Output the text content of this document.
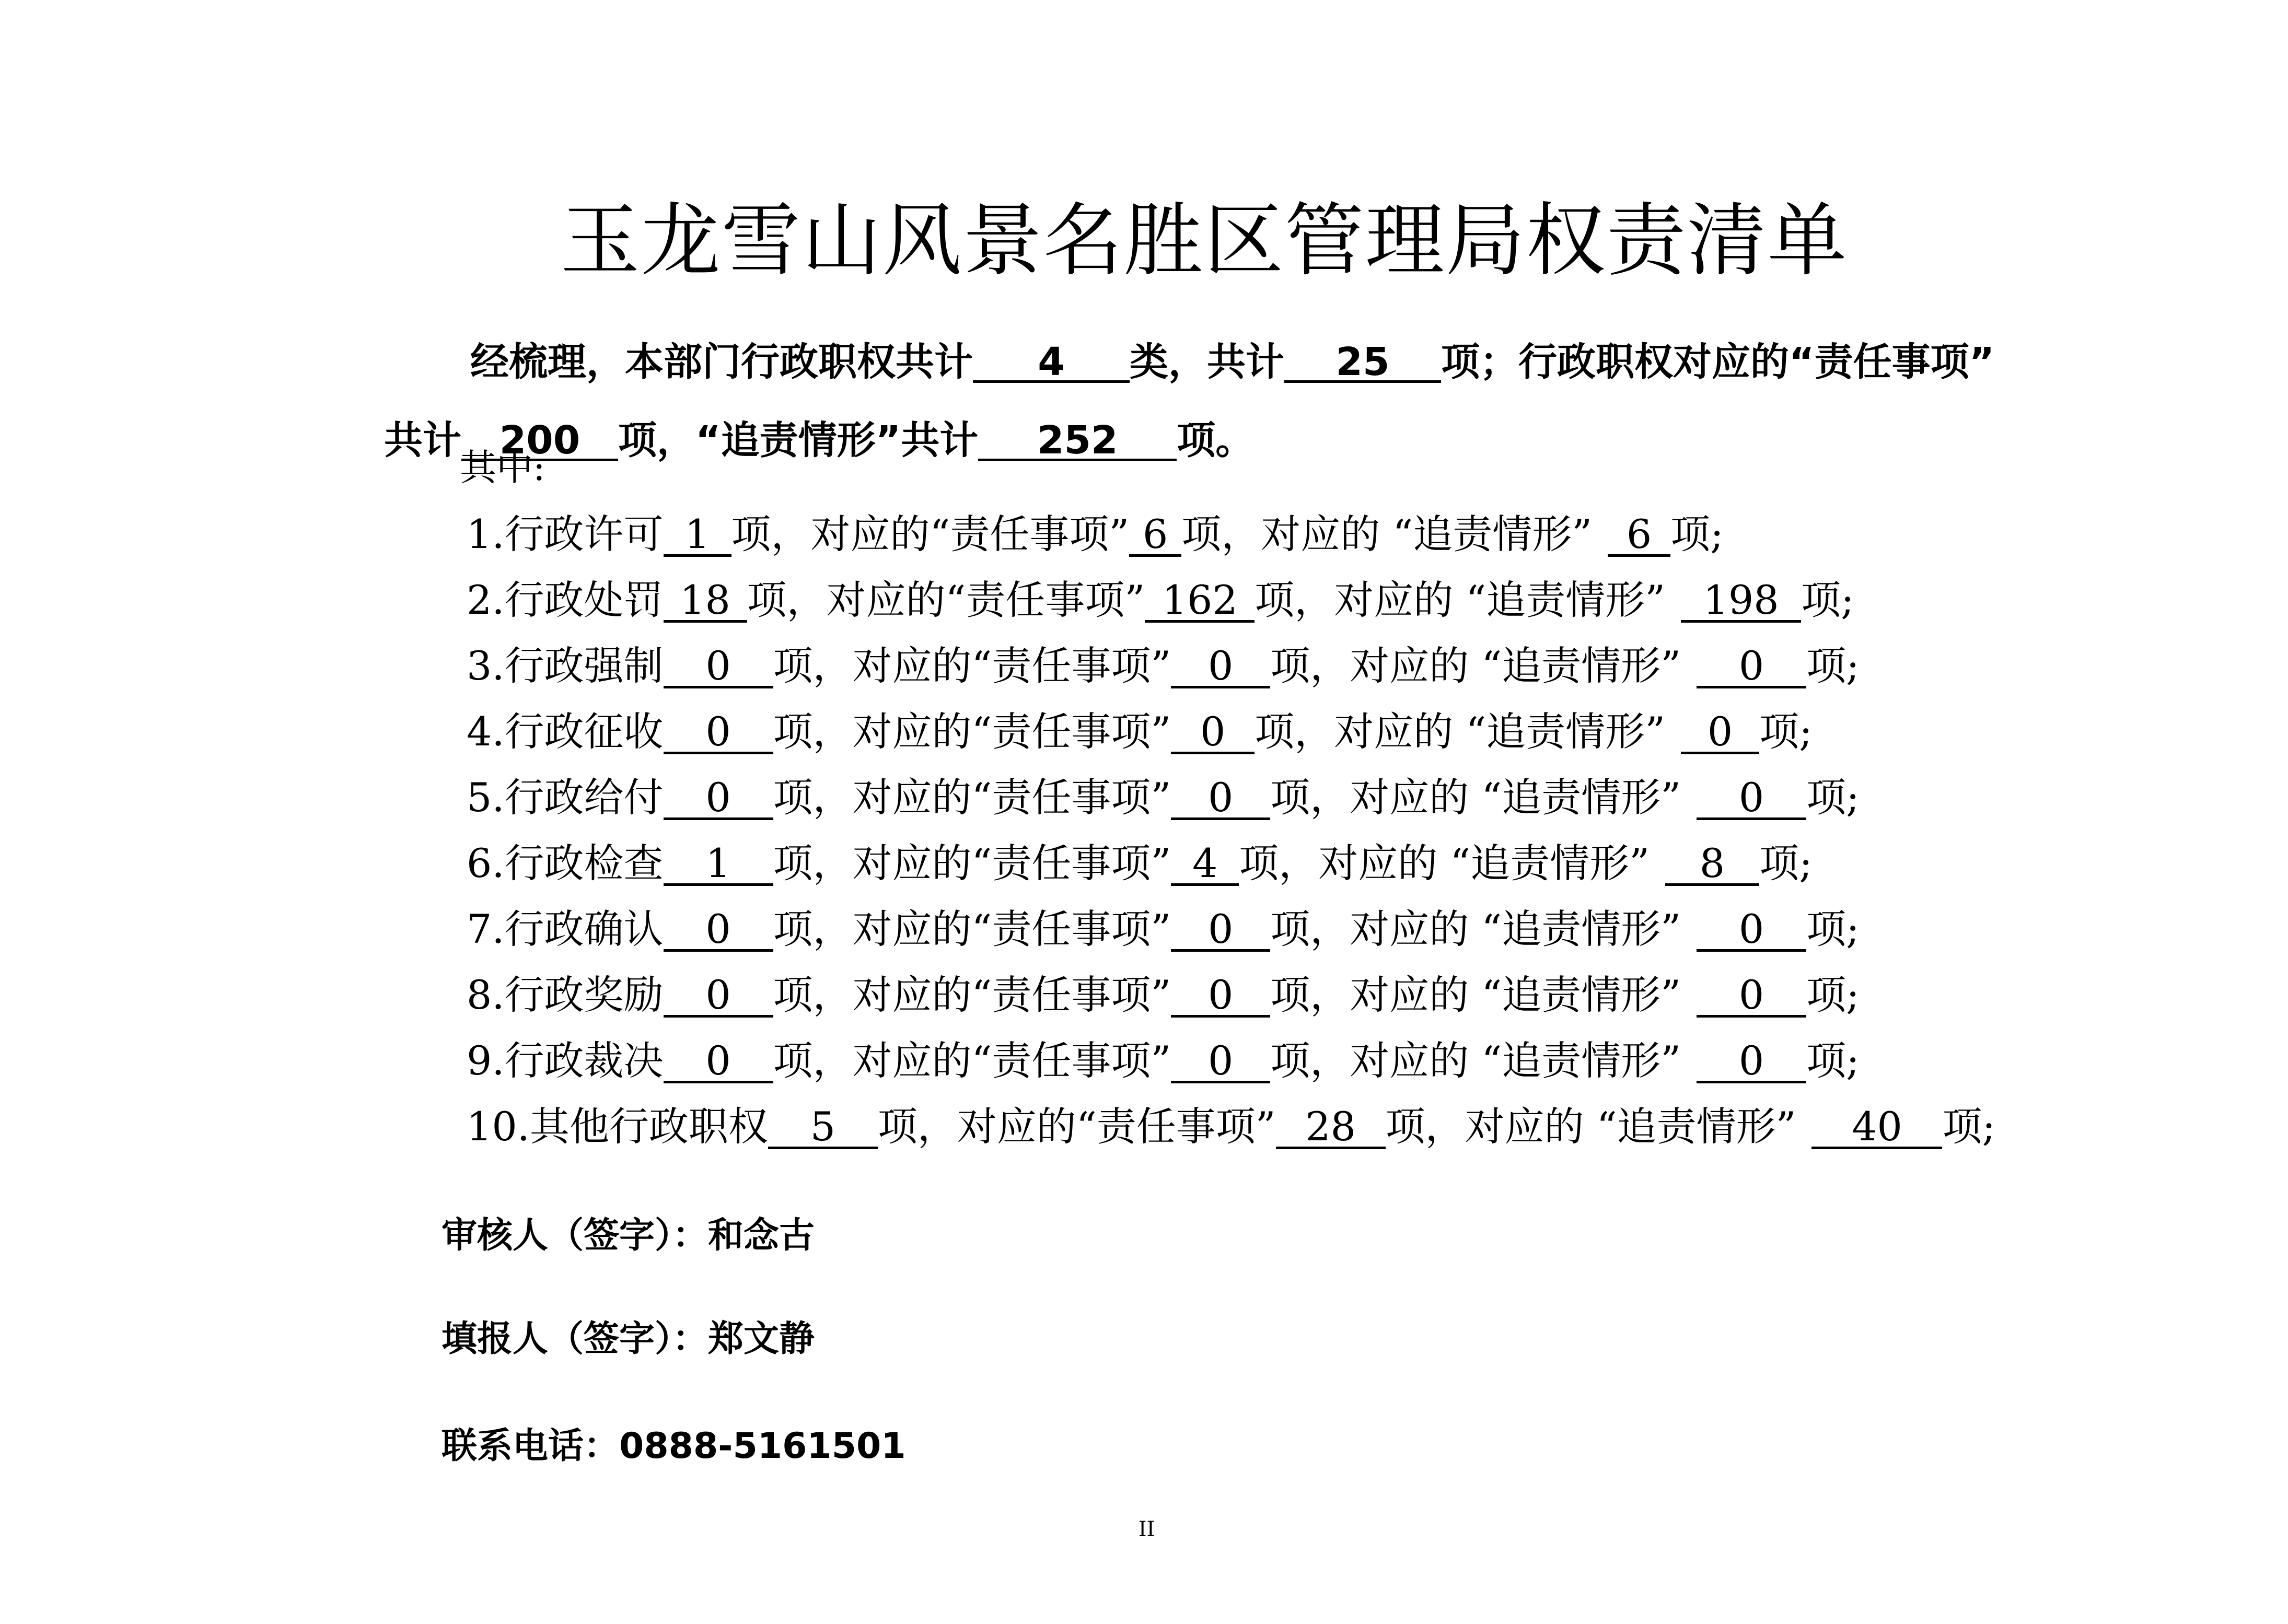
玉龙雪山风景名胜区管理局权责清单
经梳理，本部门行政职权共计 4 类，共计 25 项；行政职权对应的“责任事项”
共计 200 项，“追责情形”共计 252 项。
其中:
1.行政许可 1 项，对应的“责任事项” 6 项，对应的 “追责情形” 6 项;
2.行政处罚 18 项，对应的“责任事项” 162 项，对应的 “追责情形” 198 项;
3.行政强制 0 项，对应的“责任事项” 0 项，对应的 “追责情形” 0 项;
4.行政征收 0 项，对应的“责任事项” 0 项，对应的 “追责情形” 0 项;
5.行政给付 0 项，对应的“责任事项” 0 项，对应的 “追责情形” 0 项;
6.行政检查 1 项，对应的“责任事项” 4 项，对应的 “追责情形” 8 项;
7.行政确认 0 项，对应的“责任事项” 0 项，对应的 “追责情形” 0 项;
8.行政奖励 0 项，对应的“责任事项” 0 项，对应的 “追责情形” 0 项;
9.行政裁决 0 项，对应的“责任事项” 0 项，对应的 “追责情形” 0 项;
10.其他行政职权 5 项，对应的“责任事项” 28 项，对应的 “追责情形” 40 项;
审核人（签字）：和念古
填报人（签字）：郑文静
联系电话：0888-5161501
II
